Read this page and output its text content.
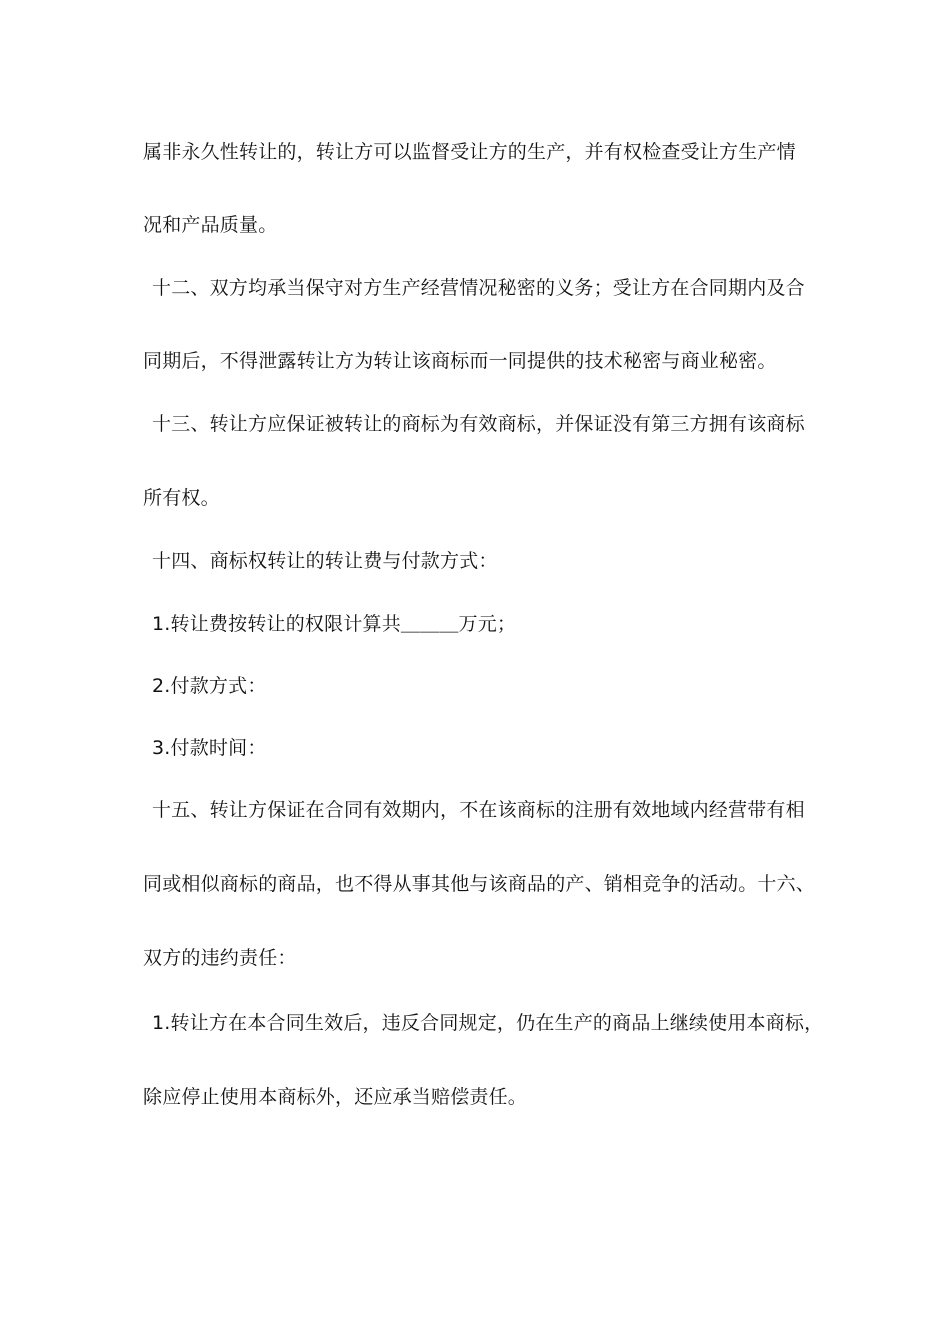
属非永久性转让的，转让方可以监督受让方的生产，并有权检查受让方生产情
况和产品质量。
十二、双方均承当保守对方生产经营情况秘密的义务；受让方在合同期内及合
同期后，不得泄露转让方为转让该商标而一同提供的技术秘密与商业秘密。
十三、转让方应保证被转让的商标为有效商标，并保证没有第三方拥有该商标
所有权。
十四、商标权转让的转让费与付款方式：
1.转让费按转让的权限计算共＿＿＿万元；
2.付款方式：
3.付款时间：
十五、转让方保证在合同有效期内，不在该商标的注册有效地域内经营带有相
同或相似商标的商品，也不得从事其他与该商品的产、销相竞争的活动。十六、
双方的违约责任：
1.转让方在本合同生效后，违反合同规定，仍在生产的商品上继续使用本商标，
除应停止使用本商标外，还应承当赔偿责任。
